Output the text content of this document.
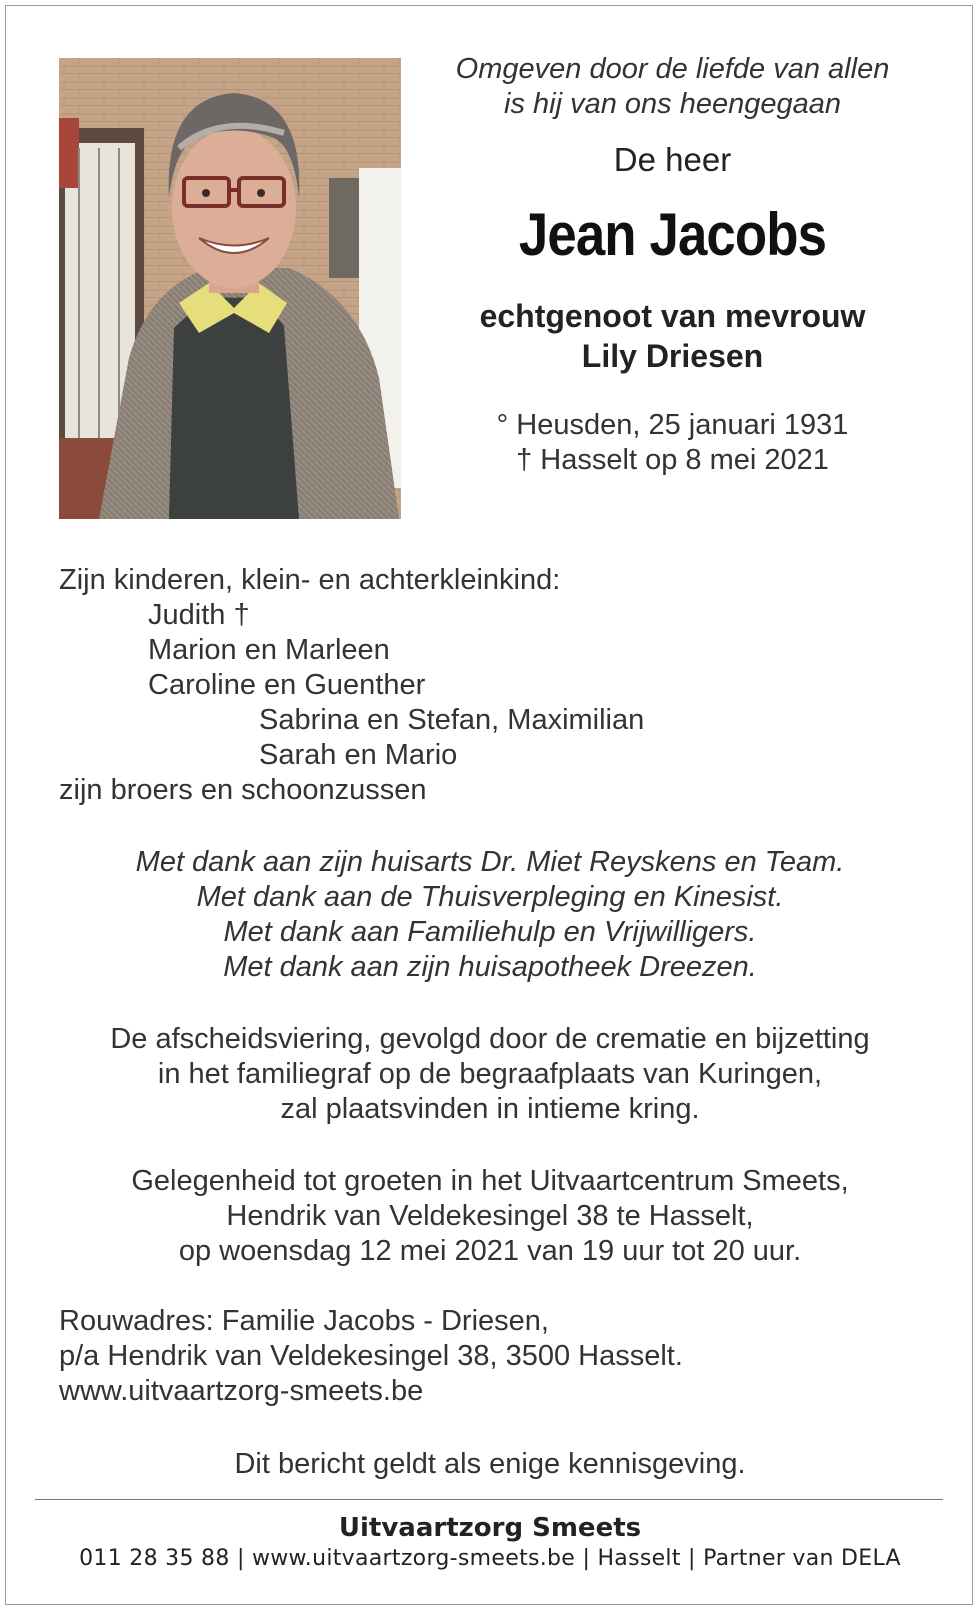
Omgeven door de liefde van allen
is hij van ons heengegaan
De heer
Jean Jacobs
echtgenoot van mevrouw
Lily Driesen
° Heusden, 25 januari 1931
† Hasselt op 8 mei 2021
Zijn kinderen, klein- en achterkleinkind:
Judith †
Marion en Marleen
Caroline en Guenther
Sabrina en Stefan, Maximilian
Sarah en Mario
zijn broers en schoonzussen
Met dank aan zijn huisarts Dr. Miet Reyskens en Team.
Met dank aan de Thuisverpleging en Kinesist.
Met dank aan Familiehulp en Vrijwilligers.
Met dank aan zijn huisapotheek Dreezen.
De afscheidsviering, gevolgd door de crematie en bijzetting
in het familiegraf op de begraafplaats van Kuringen,
zal plaatsvinden in intieme kring.
Gelegenheid tot groeten in het Uitvaartcentrum Smeets,
Hendrik van Veldekesingel 38 te Hasselt,
op woensdag 12 mei 2021 van 19 uur tot 20 uur.
Rouwadres: Familie Jacobs - Driesen,
p/a Hendrik van Veldekesingel 38, 3500 Hasselt.
www.uitvaartzorg-smeets.be
Dit bericht geldt als enige kennisgeving.
Uitvaartzorg Smeets
011 28 35 88 | www.uitvaartzorg-smeets.be | Hasselt | Partner van DELA
